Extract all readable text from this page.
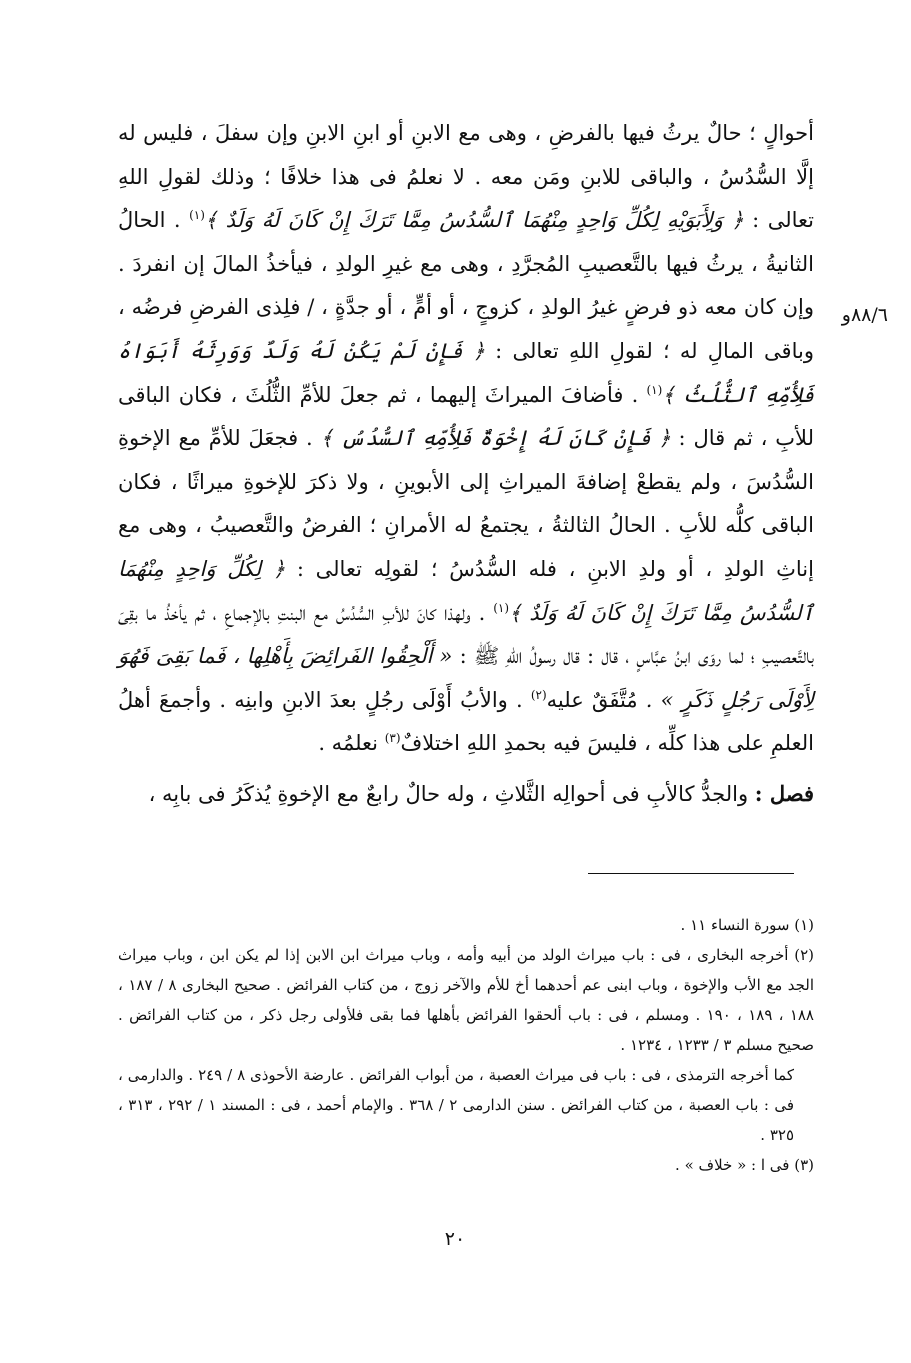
٨٨/٦و

أحوالٍ ؛ حالٌ يرثُ فيها بالفرضِ ، وهى مع الابنِ أو ابنِ الابنِ وإن سفلَ ، فليس له إلَّا السُّدُسُ ، والباقى للابنِ ومَن معه . لا نعلمُ فى هذا خلافًا ؛ وذلك لقولِ اللهِ تعالى : ﴿ وَلِأَبَوَيْهِ لِكُلِّ وَاحِدٍ مِنْهُمَا ٱلسُّدُسُ مِمَّا تَرَكَ إِنْ كَانَ لَهُ وَلَدٌ ﴾$^{(١)}$ . الحالُ الثانيةُ ، يرثُ فيها بالتَّعصيبِ المُجرَّدِ ، وهى مع غيرِ الولدِ ، فيأخذُ المالَ إن انفردَ . وإن كان معه ذو فرضٍ غيرُ الولدِ ، كزوجٍ ، أو أمٍّ ، أو جدَّةٍ ، / فلِذى الفرضِ فرضُه ، وباقى المالِ له ؛ لقولِ اللهِ تعالى : ﴿ فَإِنْ لَمْ يَكُنْ لَهُ وَلَدٌ وَوَرِثَهُ أَبَوَاهُ فَلِأُمِّهِ ٱلثُّلُثُ ﴾$^{(١)}$ . فأضافَ الميراثَ إليهما ، ثم جعلَ للأمِّ الثُّلُثَ ، فكان الباقى للأبِ ، ثم قال : ﴿ فَإِنْ كَانَ لَهُ إِخْوَةٌ فَلِأُمِّهِ ٱلسُّدُسُ ﴾ . فجعَلَ للأمِّ مع الإخوةِ السُّدُسَ ، ولم يقطعْ إضافةَ الميراثِ إلى الأبوينِ ، ولا ذكرَ للإخوةِ ميراثًا ، فكان الباقى كلُّه للأبِ . الحالُ الثالثةُ ، يجتمعُ له الأمرانِ ؛ الفرضُ والتَّعصيبُ ، وهى مع إناثِ الولدِ ، أو ولدِ الابنِ ، فله السُّدُسُ ؛ لقولِه تعالى : ﴿ لِكُلِّ وَاحِدٍ مِنْهُمَا ٱلسُّدُسُ مِمَّا تَرَكَ إِنْ كَانَ لَهُ وَلَدٌ ﴾$^{(١)}$ . ولهذا كانَ للأبِ السُّدُسُ مع البنتِ بالإجماعِ ، ثم يأخذُ ما بقِىَ بالتَّعصيبِ ؛ لما روَى ابنُ عبَّاسٍ ، قال : قال رسولُ اللهِ ﷺ : « أَلْحِقُوا الفَرائِضَ بِأَهْلِها ، فَما بَقِىَ فَهُوَ لِأَوْلَى رَجُلٍ ذَكَرٍ » . مُتَّفَقٌ عليه$^{(٢)}$ . والأبُ أَوْلَى رجُلٍ بعدَ الابنِ وابنِه . وأجمعَ أهلُ العلمِ على هذا كلِّه ، فليسَ فيه بحمدِ اللهِ اختلافٌ$^{(٣)}$ نعلمُه .

فصل : والجدُّ كالأبِ فى أحوالِه الثَّلاثِ ، وله حالٌ رابعٌ مع الإخوةِ يُذكَرُ فى بابِه ،

(١) سورة النساء ١١ .

(٢) أخرجه البخارى ، فى : باب ميراث الولد من أبيه وأمه ، وباب ميراث ابن الابن إذا لم يكن ابن ، وباب ميراث الجد مع الأب والإخوة ، وباب ابنى عم أحدهما أخ للأم والآخر زوج ، من كتاب الفرائض . صحيح البخارى ٨ / ١٨٧ ، ١٨٨ ، ١٨٩ ، ١٩٠ . ومسلم ، فى : باب ألحقوا الفرائض بأهلها فما بقى فلأولى رجل ذكر ، من كتاب الفرائض . صحيح مسلم ٣ / ١٢٣٣ ، ١٢٣٤ .

كما أخرجه الترمذى ، فى : باب فى ميراث العصبة ، من أبواب الفرائض . عارضة الأحوذى ٨ / ٢٤٩ . والدارمى ، فى : باب العصبة ، من كتاب الفرائض . سنن الدارمى ٢ / ٣٦٨ . والإمام أحمد ، فى : المسند ١ / ٢٩٢ ، ٣١٣ ، ٣٢٥ .

(٣) فى ا : « خلاف » .

٢٠
